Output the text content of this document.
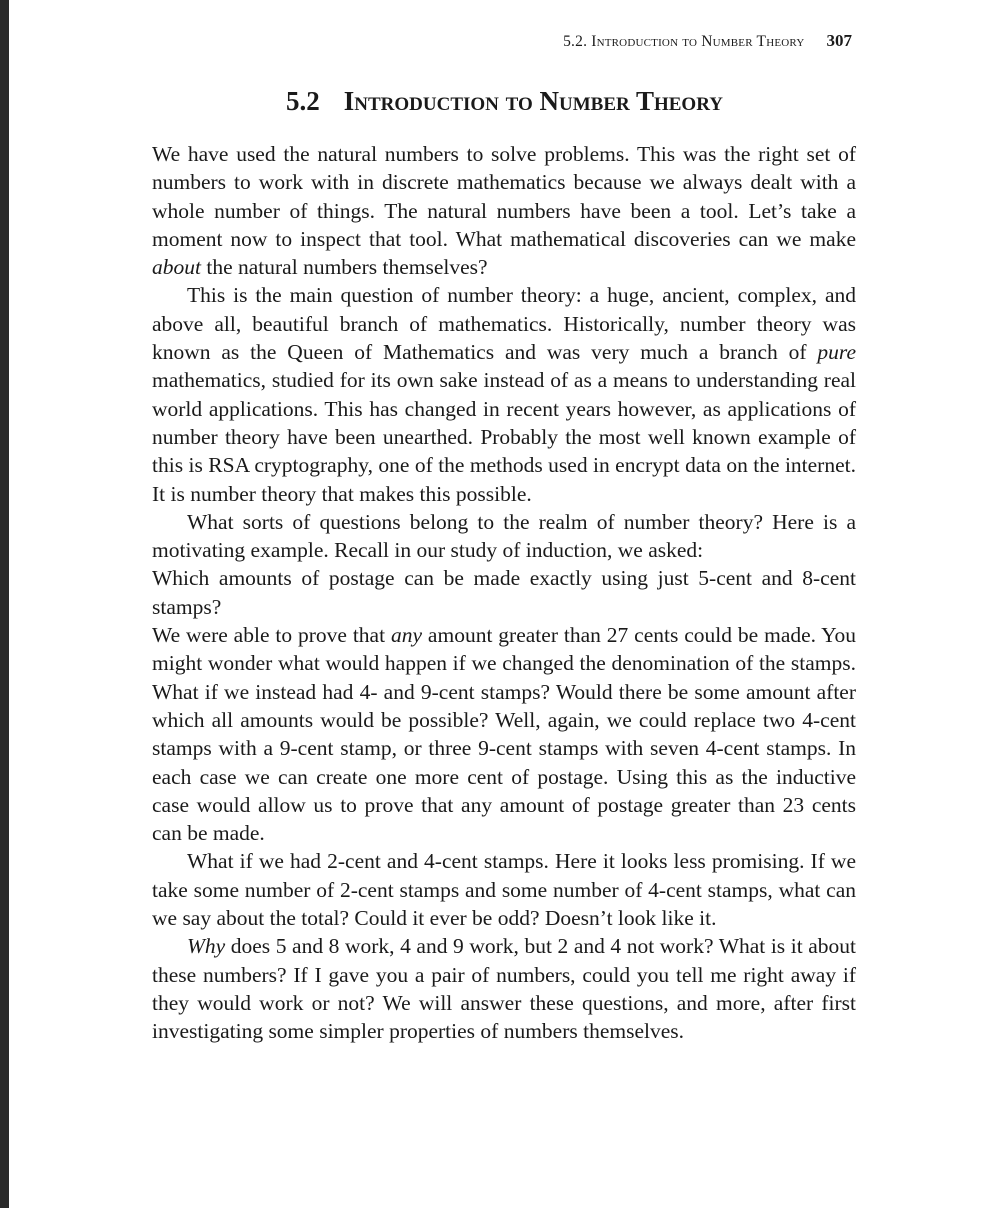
5.2. Introduction to Number Theory 307
5.2 Introduction to Number Theory

We have used the natural numbers to solve problems. This was the right set of numbers to work with in discrete mathematics because we always dealt with a whole number of things. The natural numbers have been a tool. Let’s take a moment now to inspect that tool. What mathematical discoveries can we make about the natural numbers themselves?

This is the main question of number theory: a huge, ancient, complex, and above all, beautiful branch of mathematics. Historically, number theory was known as the Queen of Mathematics and was very much a branch of pure mathematics, studied for its own sake instead of as a means to understanding real world applications. This has changed in recent years however, as applications of number theory have been unearthed. Probably the most well known example of this is RSA cryptography, one of the methods used in encrypt data on the internet. It is number theory that makes this possible.

What sorts of questions belong to the realm of number theory? Here is a motivating example. Recall in our study of induction, we asked:

Which amounts of postage can be made exactly using just 5-cent and 8-cent stamps?

We were able to prove that any amount greater than 27 cents could be made. You might wonder what would happen if we changed the denomination of the stamps. What if we instead had 4- and 9-cent stamps? Would there be some amount after which all amounts would be possible? Well, again, we could replace two 4-cent stamps with a 9-cent stamp, or three 9-cent stamps with seven 4-cent stamps. In each case we can create one more cent of postage. Using this as the inductive case would allow us to prove that any amount of postage greater than 23 cents can be made.

What if we had 2-cent and 4-cent stamps. Here it looks less promising. If we take some number of 2-cent stamps and some number of 4-cent stamps, what can we say about the total? Could it ever be odd? Doesn’t look like it.

Why does 5 and 8 work, 4 and 9 work, but 2 and 4 not work? What is it about these numbers? If I gave you a pair of numbers, could you tell me right away if they would work or not? We will answer these questions, and more, after first investigating some simpler properties of numbers themselves.
